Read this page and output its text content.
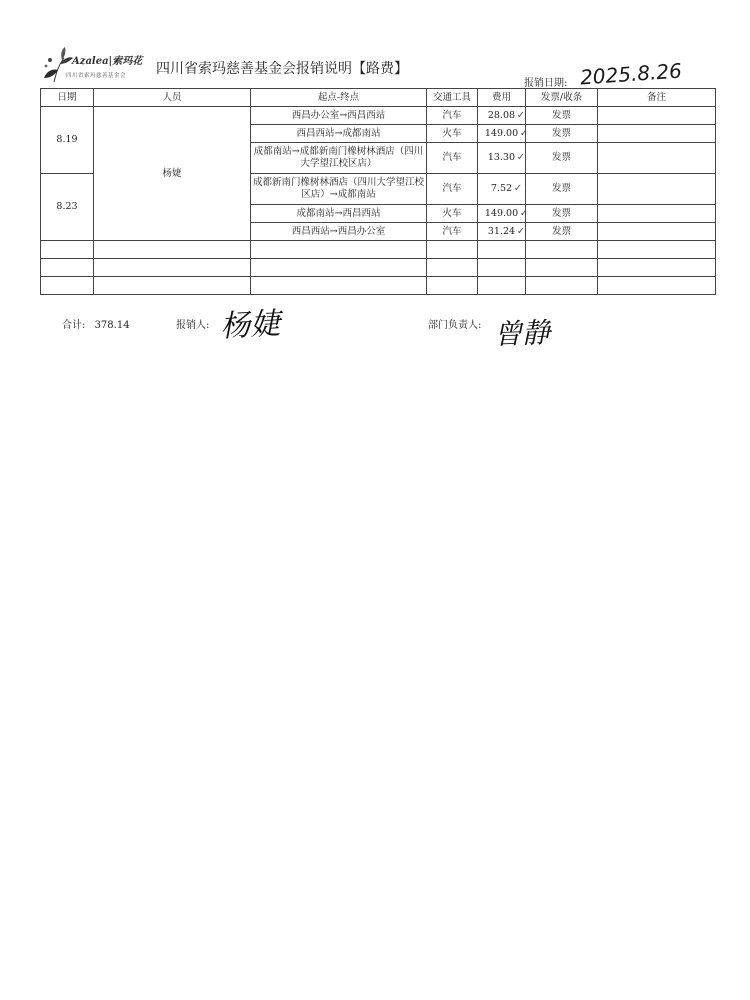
Azalea|索玛花
四川省索玛慈善基金会 四川省索玛慈善基金会报销说明【路费】
报销日期: 2025.8.26
日期	人员	起点-终点	交通工具	费用	发票/收条	备注
8.19	杨婕	西昌办公室→西昌西站	汽车	28.08 ✓	发票	
		西昌西站→成都南站	火车	149.00 ✓	发票	
		成都南站→成都新南门橡树林酒店（四川大学望江校区店）	汽车	13.30 ✓	发票	
8.23		成都新南门橡树林酒店（四川大学望江校区店）→成都南站	汽车	7.52 ✓	发票	
		成都南站→西昌西站	火车	149.00 ✓	发票	
		西昌西站→西昌办公室	汽车	31.24 ✓	发票	

合计: 378.14	报销人: 杨婕	部门负责人: 曾静
